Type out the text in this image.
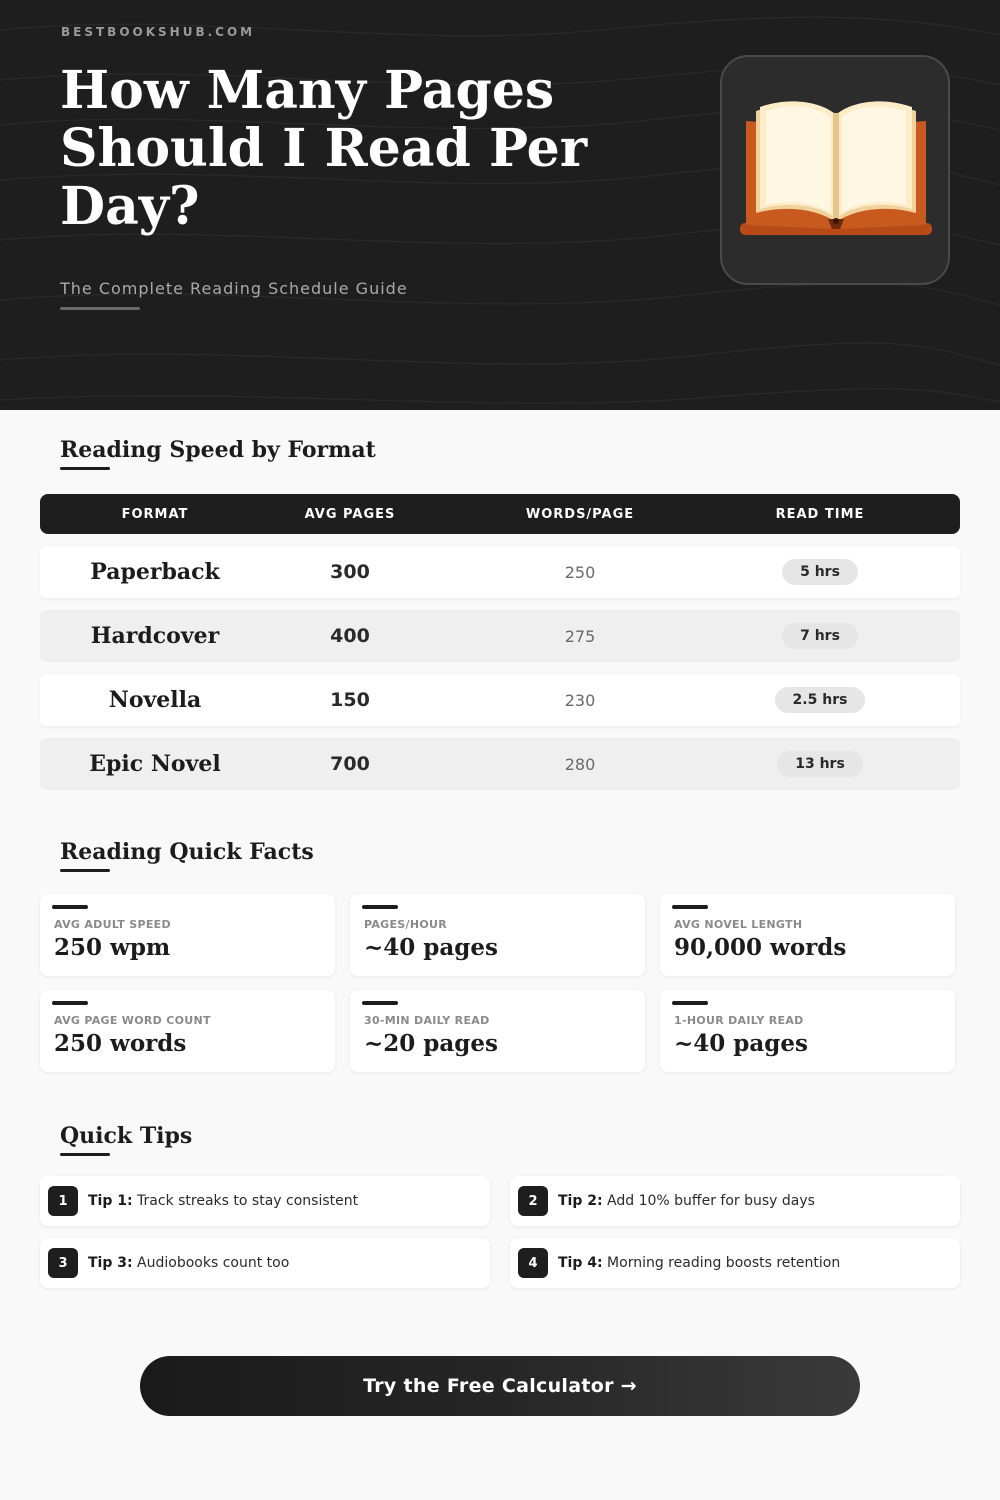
BESTBOOKSHUB.COM
How Many Pages Should I Read Per Day?
The Complete Reading Schedule Guide
Reading Speed by Format
FORMAT	AVG PAGES	WORDS/PAGE	READ TIME
Paperback	300	250	5 hrs
Hardcover	400	275	7 hrs
Novella	150	230	2.5 hrs
Epic Novel	700	280	13 hrs
Reading Quick Facts
AVG ADULT SPEED
250 wpm
PAGES/HOUR
~40 pages
AVG NOVEL LENGTH
90,000 words
AVG PAGE WORD COUNT
250 words
30-MIN DAILY READ
~20 pages
1-HOUR DAILY READ
~40 pages
Quick Tips
1	Tip 1: Track streaks to stay consistent	2	Tip 2: Add 10% buffer for busy days
3	Tip 3: Audiobooks count too	4	Tip 4: Morning reading boosts retention
Try the Free Calculator →
